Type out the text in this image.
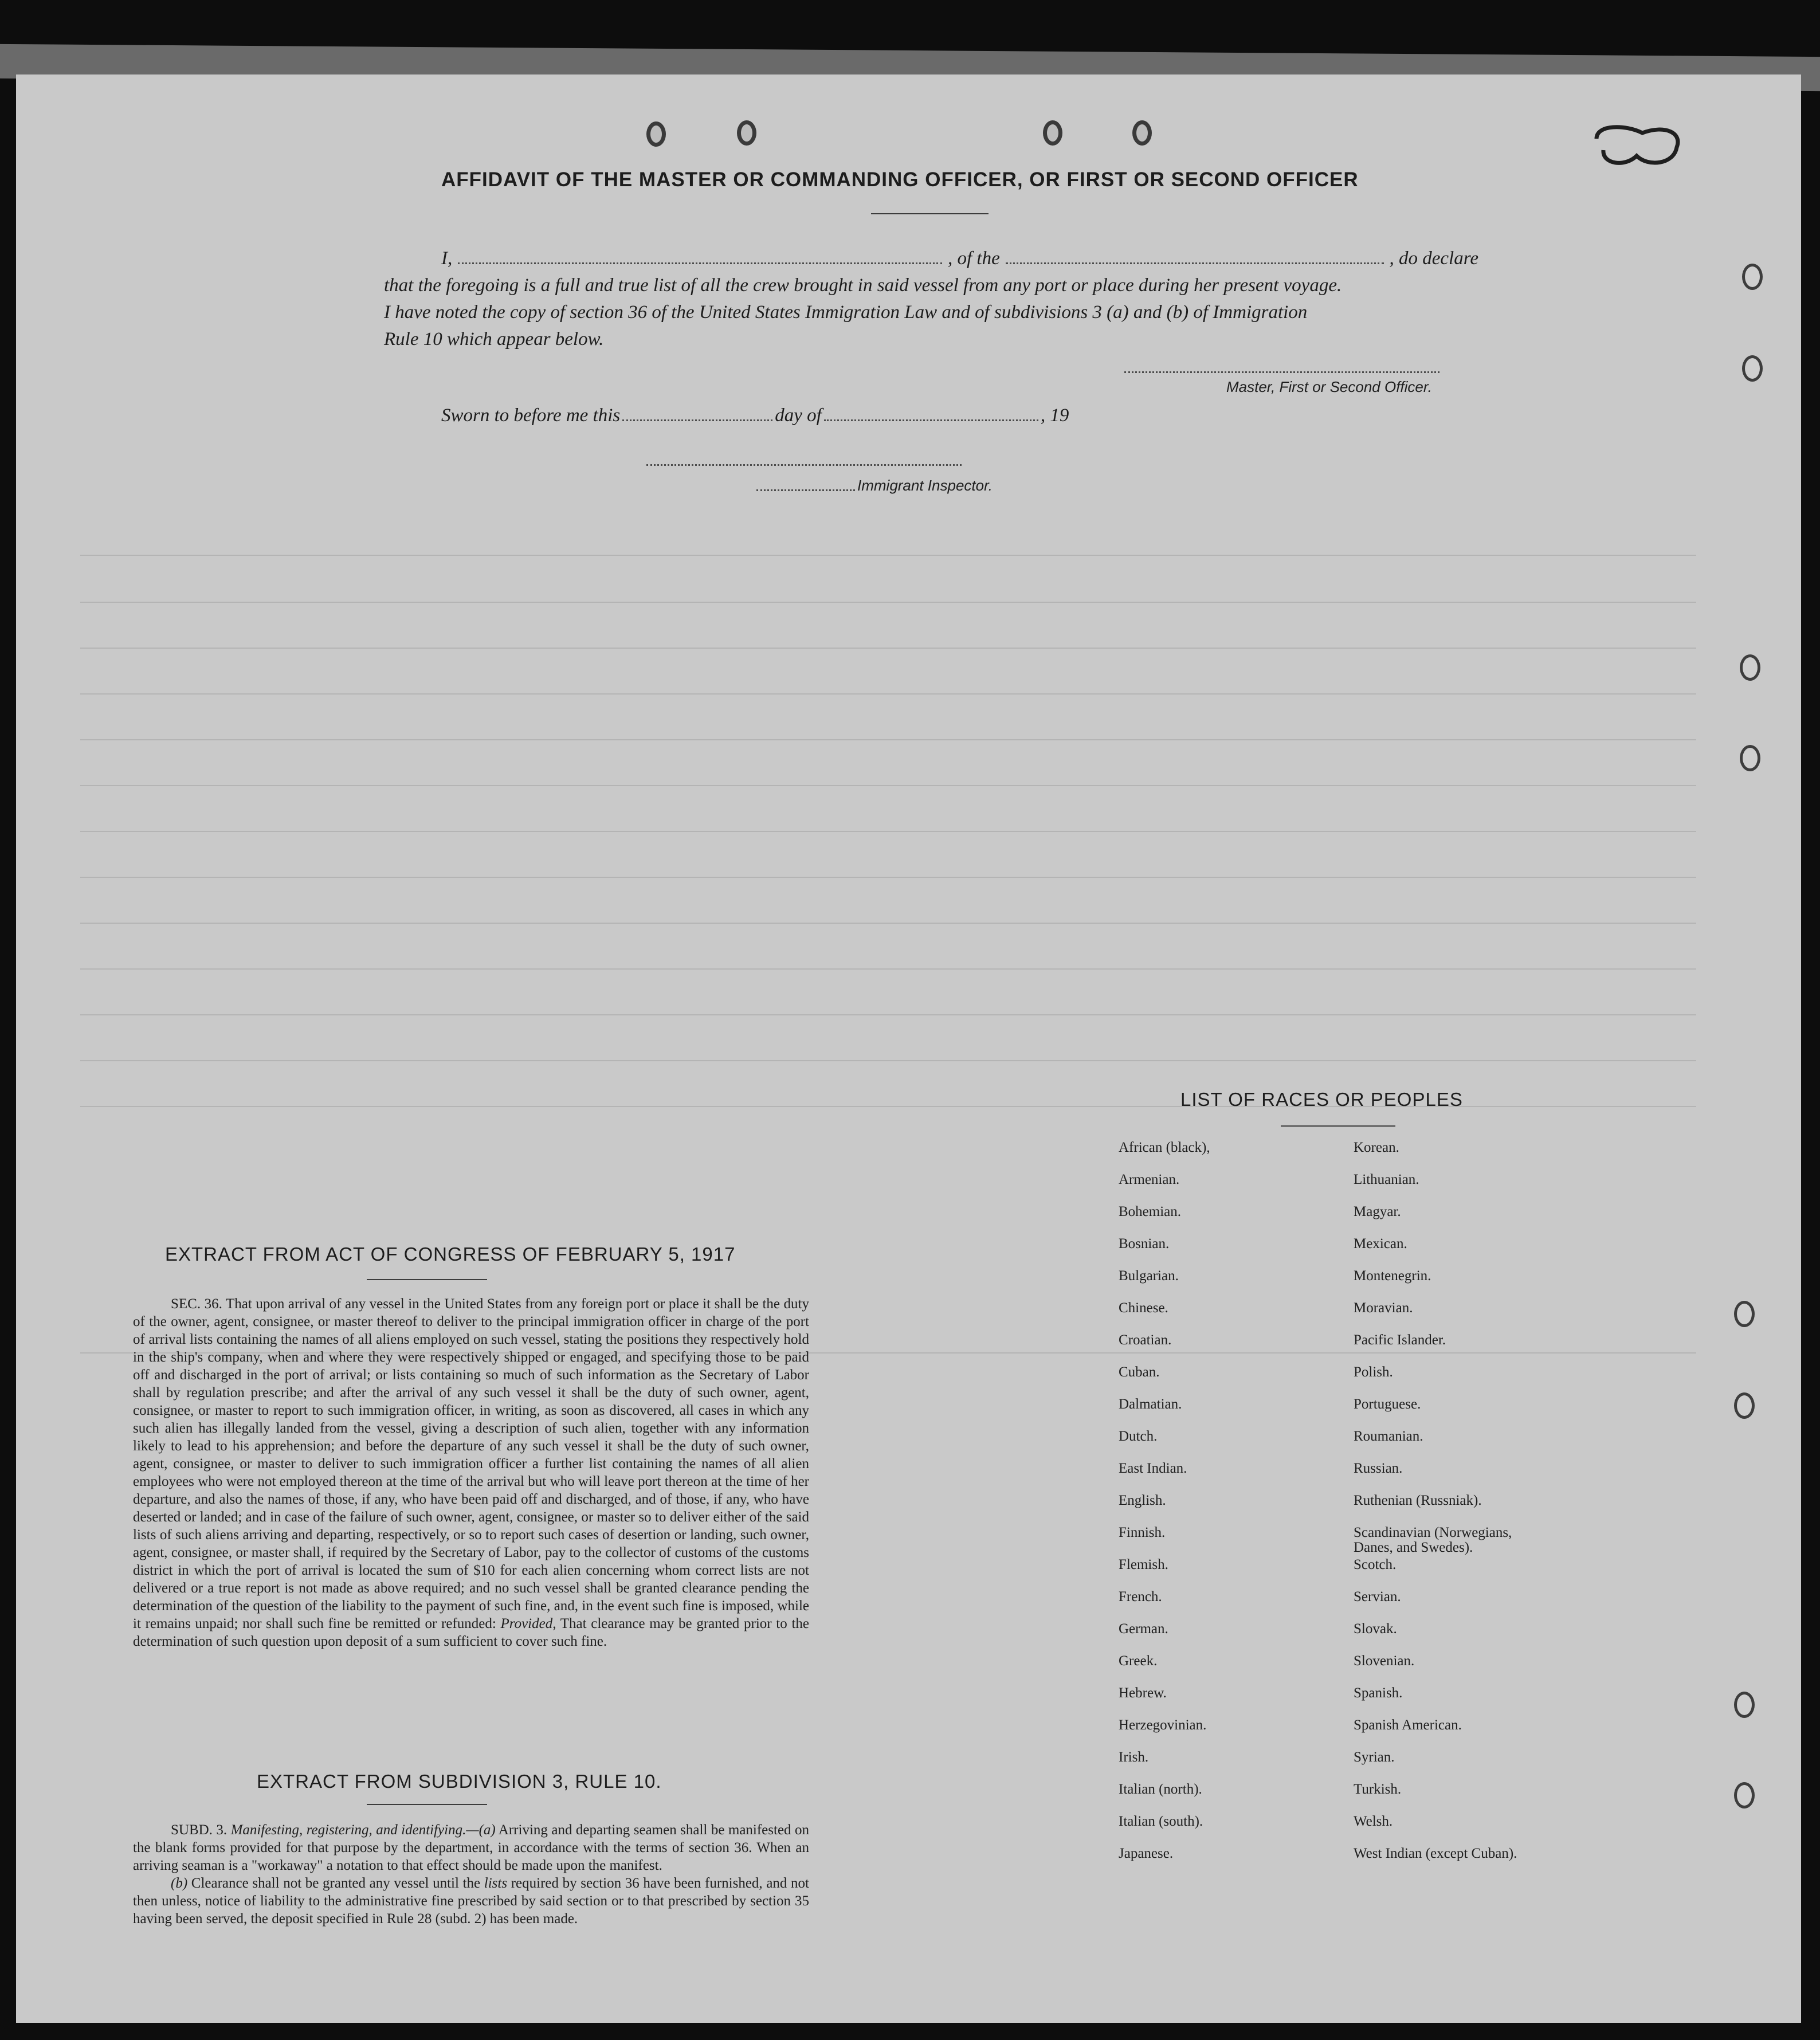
AFFIDAVIT OF THE MASTER OR COMMANDING OFFICER, OR FIRST OR SECOND OFFICER
I,	, of the	, do declare
that the foregoing is a full and true list of all the crew brought in said vessel from any port or place during her present voyage.
I have noted the copy of section 36 of the United States Immigration Law and of subdivisions 3 (a) and (b) of Immigration
Rule 10 which appear below.
Master, First or Second Officer.
Sworn to before me this	day of	, 19
Immigrant Inspector.
LIST OF RACES OR PEOPLES
African (black),	Korean.
Armenian.	Lithuanian.
Bohemian.	Magyar.
Bosnian.	Mexican.
Bulgarian.	Montenegrin.
Chinese.	Moravian.
Croatian.	Pacific Islander.
Cuban.	Polish.
Dalmatian.	Portuguese.
Dutch.	Roumanian.
East Indian.	Russian.
English.	Ruthenian (Russniak).
Finnish.	Scandinavian (Norwegians, Danes, and Swedes).
Flemish.	Scotch.
French.	Servian.
German.	Slovak.
Greek.	Slovenian.
Hebrew.	Spanish.
Herzegovinian.	Spanish American.
Irish.	Syrian.
Italian (north).	Turkish.
Italian (south).	Welsh.
Japanese.	West Indian (except Cuban).
EXTRACT FROM ACT OF CONGRESS OF FEBRUARY 5, 1917
SEC. 36. That upon arrival of any vessel in the United States from any foreign port or place it shall be the duty of the owner, agent, consignee, or master thereof to deliver to the principal immigration officer in charge of the port of arrival lists containing the names of all aliens employed on such vessel, stating the positions they respectively hold in the ship's company, when and where they were respectively shipped or engaged, and specifying those to be paid off and discharged in the port of arrival; or lists containing so much of such information as the Secretary of Labor shall by regulation prescribe; and after the arrival of any such vessel it shall be the duty of such owner, agent, consignee, or master to report to such immigration officer, in writing, as soon as discovered, all cases in which any such alien has illegally landed from the vessel, giving a description of such alien, together with any information likely to lead to his apprehension; and before the departure of any such vessel it shall be the duty of such owner, agent, consignee, or master to deliver to such immigration officer a further list containing the names of all alien employees who were not employed thereon at the time of the arrival but who will leave port thereon at the time of her departure, and also the names of those, if any, who have been paid off and discharged, and of those, if any, who have deserted or landed; and in case of the failure of such owner, agent, consignee, or master so to deliver either of the said lists of such aliens arriving and departing, respectively, or so to report such cases of desertion or landing, such owner, agent, consignee, or master shall, if required by the Secretary of Labor, pay to the collector of customs of the customs district in which the port of arrival is located the sum of $10 for each alien concerning whom correct lists are not delivered or a true report is not made as above required; and no such vessel shall be granted clearance pending the determination of the question of the liability to the payment of such fine, and, in the event such fine is imposed, while it remains unpaid; nor shall such fine be remitted or refunded: Provided, That clearance may be granted prior to the determination of such question upon deposit of a sum sufficient to cover such fine.
EXTRACT FROM SUBDIVISION 3, RULE 10.
SUBD. 3. Manifesting, registering, and identifying.—(a) Arriving and departing seamen shall be manifested on the blank forms provided for that purpose by the department, in accordance with the terms of section 36. When an arriving seaman is a "workaway" a notation to that effect should be made upon the manifest.
(b) Clearance shall not be granted any vessel until the lists required by section 36 have been furnished, and not then unless, notice of liability to the administrative fine prescribed by said section or to that prescribed by section 35 having been served, the deposit specified in Rule 28 (subd. 2) has been made.
